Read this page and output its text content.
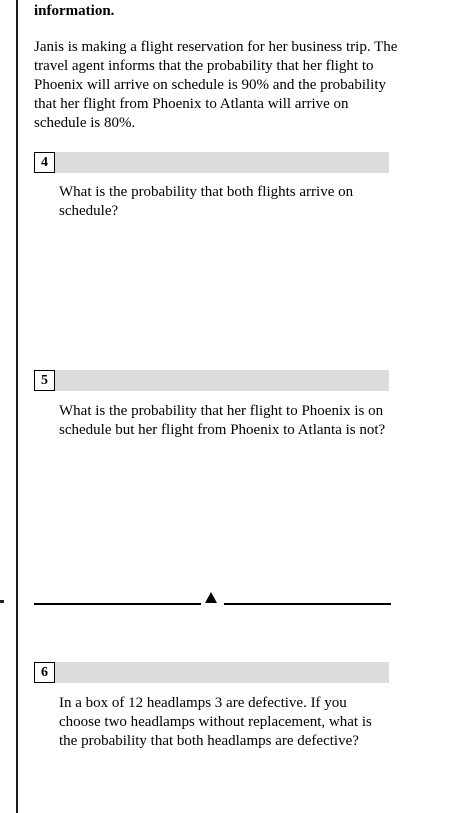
information.

Janis is making a flight reservation for her business trip. The travel agent informs that the probability that her flight to Phoenix will arrive on schedule is 90% and the probability that her flight from Phoenix to Atlanta will arrive on schedule is 80%.

4

What is the probability that both flights arrive on schedule?

5

What is the probability that her flight to Phoenix is on schedule but her flight from Phoenix to Atlanta is not?

6

In a box of 12 headlamps 3 are defective. If you choose two headlamps without replacement, what is the probability that both headlamps are defective?
